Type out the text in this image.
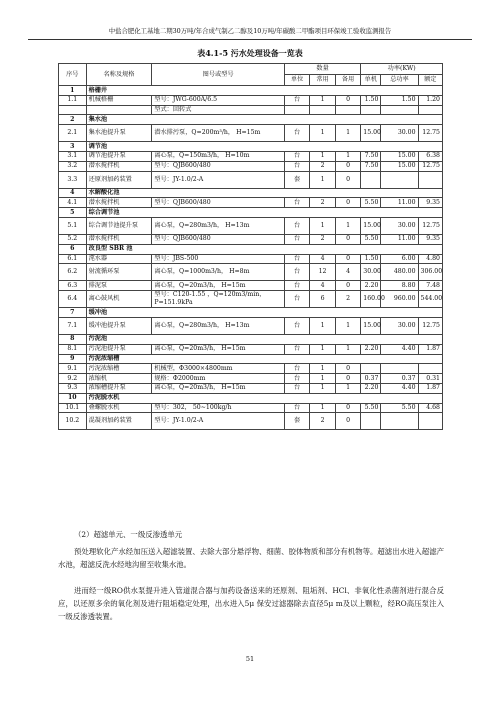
中盐合肥化工基地二期30万吨/年合成气制乙二醇及10万吨/年碳酸二甲酯项目环保竣工验收监测报告
表4.1-5 污水处理设备一览表
序号	名称及规格	图号或型号	数量			功率(KW)		
			单位	常用	备用	单机	总功率	额定
1	格栅井							
1.1	机械格栅	型号：JWG-600A/6.5	台	1	0	1.50	1.50	1.20
		型式：回转式						
2	集水池							
2.1	集水池提升泵	潜水排污泵，Q=200m³/h， H=15m	台	1	1	15.00	30.00	12.75
3	调节池							
3.1	调节池提升泵	离心泵，Q=150m3/h， H=10m	台	1	1	7.50	15.00	6.38
3.2	潜水搅拌机	型号：QJB600/480	台	2	0	7.50	15.00	12.75
3.3	还原剂加药装置	型号：JY-1.0/2-A	套	1	0			
4	水解酸化池							
4.1	潜水搅拌机	型号：QJB600/480	台	2	0	5.50	11.00	9.35
5	综合调节池							
5.1	综合调节池提升泵	离心泵，Q=280m3/h， H=13m	台	1	1	15.00	30.00	12.75
5.2	潜水搅拌机	型号：QJB600/480	台	2	0	5.50	11.00	9.35
6	改良型 SBR 池							
6.1	滗水器	型号：JBS-500	台	4	0	1.50	6.00	4.80
6.2	射流循环泵	离心泵，Q=1000m3/h， H=8m	台	12	4	30.00	480.00	306.00
6.3	排泥泵	离心泵，Q=20m3/h， H=15m	台	4	0	2.20	8.80	7.48
6.4	离心鼓风机	型号：C120-1.55 ，Q=120m3/min，P=151.9kPa	台	6	2	160.00	960.00	544.00
7	缓冲池							
7.1	缓冲池提升泵	离心泵，Q=280m3/h， H=13m	台	1	1	15.00	30.00	12.75
8	污泥池							
8.1	污泥池提升泵	离心泵，Q=20m3/h， H=15m	台	1	1	2.20	4.40	1.87
9	污泥浓缩槽							
9.1	污泥浓缩槽	机械型，Φ3000×4800mm	台	1	0			
9.2	浓缩机	规格：Φ2000mm	台	1	0	0.37	0.37	0.31
9.3	浓缩槽提升泵	离心泵，Q=20m3/h， H=15m	台	1	1	2.20	4.40	1.87
10	污泥脱水机							
10.1	叠螺脱水机	型号：302， 50~100kg/h	台	1	0	5.50	5.50	4.68
10.2	混凝剂加药装置	型号：JY-1.0/2-A	套	2	0			
（2）超滤单元、一级反渗透单元
预处理软化产水经加压送入超滤装置、去除大部分悬浮物、细菌、胶体物质和部分有机物等。超滤出水进入超滤产水池，超滤反洗水经地沟留至收集水池。
进而经一级RO供水泵提升进入管道混合器与加药设备送来的还原剂、阻垢剂、HCl、非氧化性杀菌剂进行混合反应，以还原多余的氧化剂及进行阻垢稳定处理，出水进入5μ 保安过滤器除去直径5μ m及以上颗粒，经RO高压泵注入一级反渗透装置。
51
